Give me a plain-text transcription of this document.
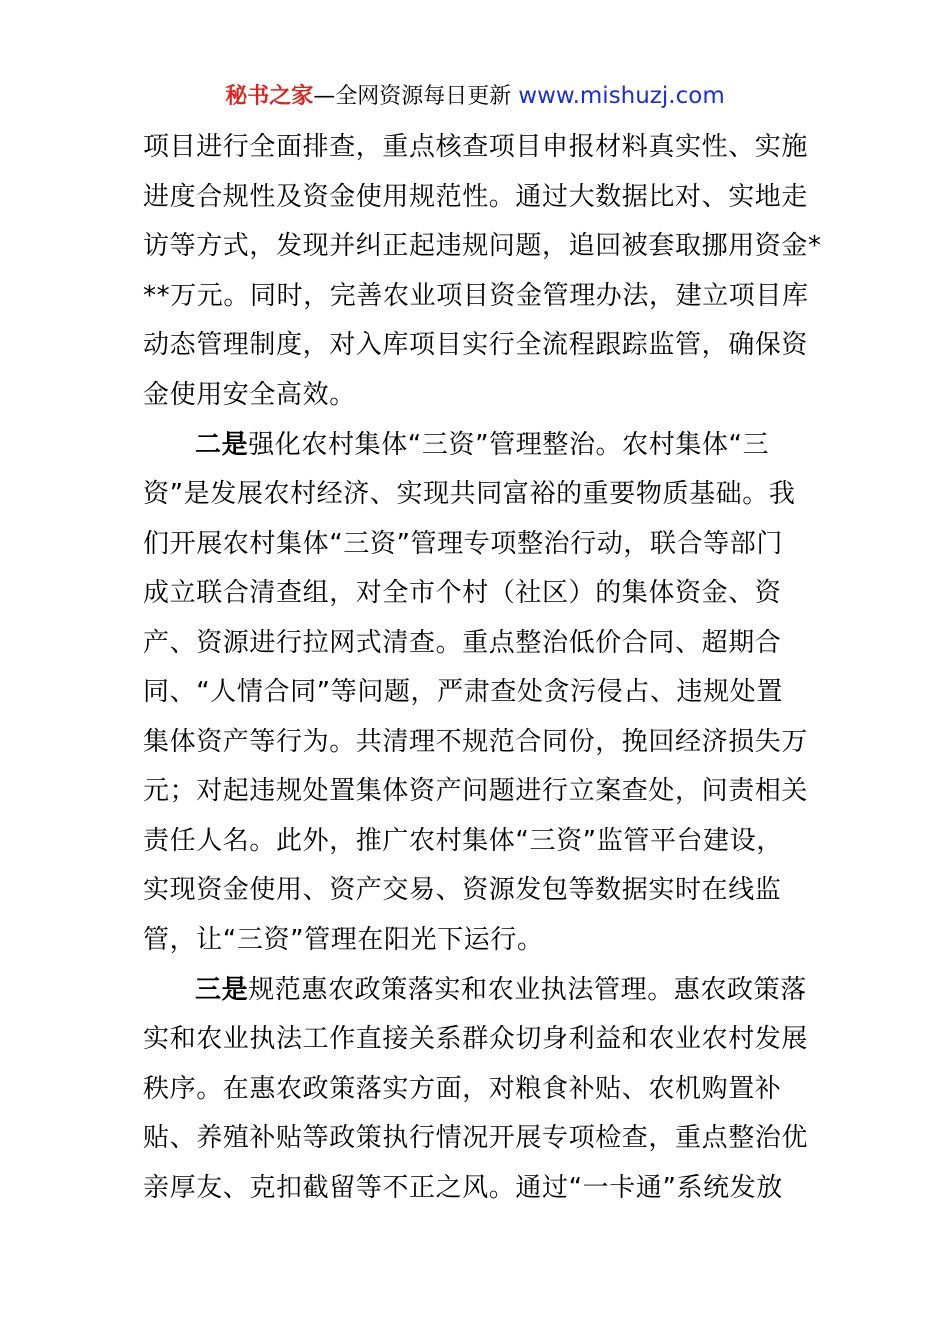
秘书之家—全网资源每日更新 www.mishuzj.com
项目进行全面排查，重点核查项目申报材料真实性、实施
进度合规性及资金使用规范性。通过大数据比对、实地走
访等方式，发现并纠正起违规问题，追回被套取挪用资金*
**万元。同时，完善农业项目资金管理办法，建立项目库
动态管理制度，对入库项目实行全流程跟踪监管，确保资
金使用安全高效。
二是强化农村集体“三资”管理整治。农村集体“三
资”是发展农村经济、实现共同富裕的重要物质基础。我
们开展农村集体“三资”管理专项整治行动，联合等部门
成立联合清查组，对全市个村（社区）的集体资金、资
产、资源进行拉网式清查。重点整治低价合同、超期合
同、“人情合同”等问题，严肃查处贪污侵占、违规处置
集体资产等行为。共清理不规范合同份，挽回经济损失万
元；对起违规处置集体资产问题进行立案查处，问责相关
责任人名。此外，推广农村集体“三资”监管平台建设，
实现资金使用、资产交易、资源发包等数据实时在线监
管，让“三资”管理在阳光下运行。
三是规范惠农政策落实和农业执法管理。惠农政策落
实和农业执法工作直接关系群众切身利益和农业农村发展
秩序。在惠农政策落实方面，对粮食补贴、农机购置补
贴、养殖补贴等政策执行情况开展专项检查，重点整治优
亲厚友、克扣截留等不正之风。通过“一卡通”系统发放
